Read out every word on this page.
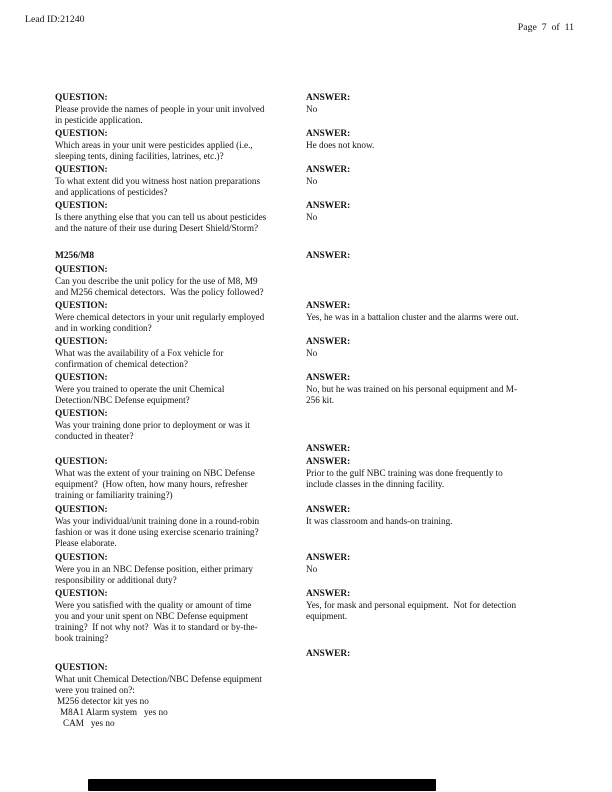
Lead ID:21240
Page  7  of  11
QUESTION:
Please provide the names of people in your unit involved
in pesticide application.
ANSWER:
No
QUESTION:
Which areas in your unit were pesticides applied (i.e.,
sleeping tents, dining facilities, latrines, etc.)?
ANSWER:
He does not know.
QUESTION:
To what extent did you witness host nation preparations
and applications of pesticides?
ANSWER:
No
QUESTION:
Is there anything else that you can tell us about pesticides
and the nature of their use during Desert Shield/Storm?
ANSWER:
No
M256/M8
QUESTION:
Can you describe the unit policy for the use of M8, M9
and M256 chemical detectors.  Was the policy followed?
ANSWER:
QUESTION:
Were chemical detectors in your unit regularly employed
and in working condition?
ANSWER:
Yes, he was in a battalion cluster and the alarms were out.
QUESTION:
What was the availability of a Fox vehicle for
confirmation of chemical detection?
ANSWER:
No
QUESTION:
Were you trained to operate the unit Chemical
Detection/NBC Defense equipment?
ANSWER:
No, but he was trained on his personal equipment and M-
256 kit.
QUESTION:
Was your training done prior to deployment or was it
conducted in theater?
ANSWER:
QUESTION:
What was the extent of your training on NBC Defense
equipment?  (How often, how many hours, refresher
training or familiarity training?)
ANSWER:
Prior to the gulf NBC training was done frequently to
include classes in the dinning facility.
QUESTION:
Was your individual/unit training done in a round-robin
fashion or was it done using exercise scenario training?
Please elaborate.
ANSWER:
It was classroom and hands-on training.
QUESTION:
Were you in an NBC Defense position, either primary
responsibility or additional duty?
ANSWER:
No
QUESTION:
Were you satisfied with the quality or amount of time
you and your unit spent on NBC Defense equipment
training?  If not why not?  Was it to standard or by-the-
book training?
ANSWER:
Yes, for mask and personal equipment.  Not for detection
equipment.
QUESTION:
What unit Chemical Detection/NBC Defense equipment
were you trained on?:
M256 detector kit yes no
M8A1 Alarm system   yes no
CAM   yes no
ANSWER:
